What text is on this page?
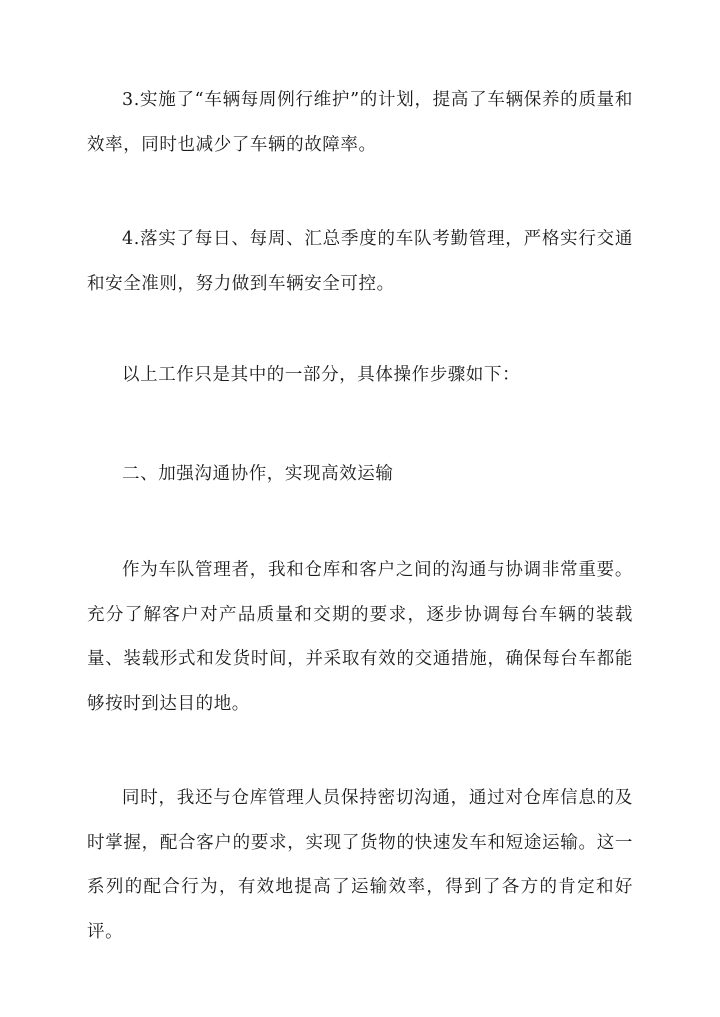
3.实施了“车辆每周例行维护”的计划，提高了车辆保养的质量和效率，同时也减少了车辆的故障率。

4.落实了每日、每周、汇总季度的车队考勤管理，严格实行交通和安全准则，努力做到车辆安全可控。

以上工作只是其中的一部分，具体操作步骤如下：

二、加强沟通协作，实现高效运输

作为车队管理者，我和仓库和客户之间的沟通与协调非常重要。充分了解客户对产品质量和交期的要求，逐步协调每台车辆的装载量、装载形式和发货时间，并采取有效的交通措施，确保每台车都能够按时到达目的地。

同时，我还与仓库管理人员保持密切沟通，通过对仓库信息的及时掌握，配合客户的要求，实现了货物的快速发车和短途运输。这一系列的配合行为，有效地提高了运输效率，得到了各方的肯定和好评。
